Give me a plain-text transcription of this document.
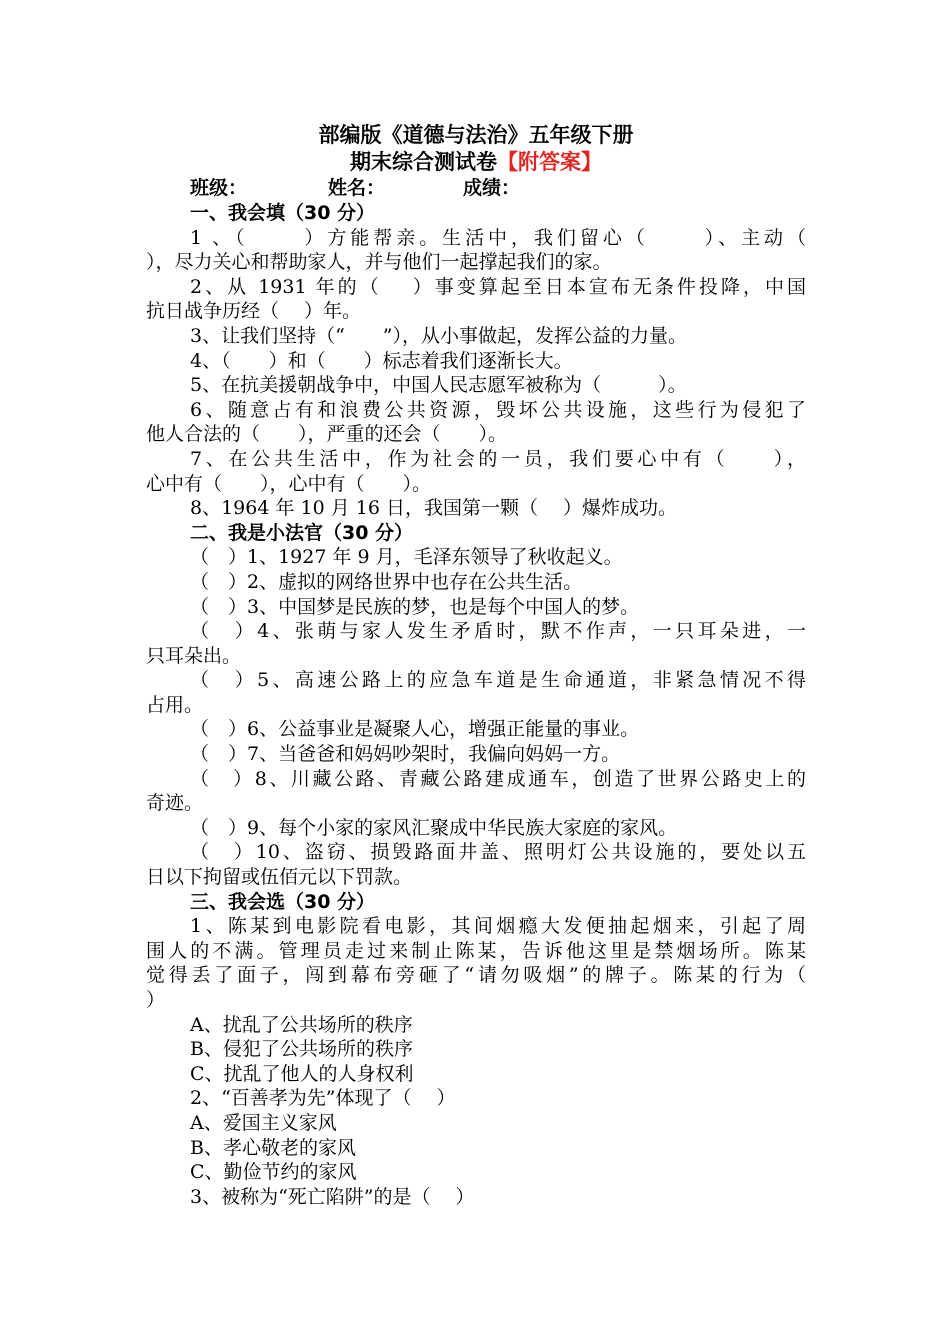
部编版《道德与法治》五年级下册
期末综合测试卷【附答案】
班级：	姓名：	成绩：
一、我会填（30 分）
1 、（　　 ）方能帮亲。生活中，我们留心（　　 ）、主动（
），尽力关心和帮助家人，并与他们一起撑起我们的家。
2、从 1931 年的（　 ）事变算起至日本宣布无条件投降，中国
抗日战争历经（　 ）年。
3、让我们坚持（“　　”），从小事做起，发挥公益的力量。
4、（　　）和（　　）标志着我们逐渐长大。
5、在抗美援朝战争中，中国人民志愿军被称为（　　　）。
6、随意占有和浪费公共资源，毁坏公共设施，这些行为侵犯了
他人合法的（　　），严重的还会（　　）。
7、在公共生活中，作为社会的一员，我们要心中有（　　），
心中有（　　），心中有（　　）。
8、1964 年 10 月 16 日，我国第一颗（　 ）爆炸成功。
二、我是小法官（30 分）
（　）1、1927 年 9 月，毛泽东领导了秋收起义。
（　）2、虚拟的网络世界中也存在公共生活。
（　）3、中国梦是民族的梦，也是每个中国人的梦。
（　）4、张萌与家人发生矛盾时，默不作声，一只耳朵进，一
只耳朵出。
（　）5、高速公路上的应急车道是生命通道，非紧急情况不得
占用。
（　）6、公益事业是凝聚人心，增强正能量的事业。
（　）7、当爸爸和妈妈吵架时，我偏向妈妈一方。
（　）8、川藏公路、青藏公路建成通车，创造了世界公路史上的
奇迹。
（　）9、每个小家的家风汇聚成中华民族大家庭的家风。
（　）10、盗窃、损毁路面井盖、照明灯公共设施的，要处以五
日以下拘留或伍佰元以下罚款。
三、我会选（30 分）
1、陈某到电影院看电影，其间烟瘾大发便抽起烟来，引起了周
围人的不满。管理员走过来制止陈某，告诉他这里是禁烟场所。陈某
觉得丢了面子，闯到幕布旁砸了“请勿吸烟”的牌子。陈某的行为（
）
A、扰乱了公共场所的秩序
B、侵犯了公共场所的秩序
C、扰乱了他人的人身权利
2、“百善孝为先”体现了（　 ）
A、爱国主义家风
B、孝心敬老的家风
C、勤俭节约的家风
3、被称为“死亡陷阱”的是（　 ）
